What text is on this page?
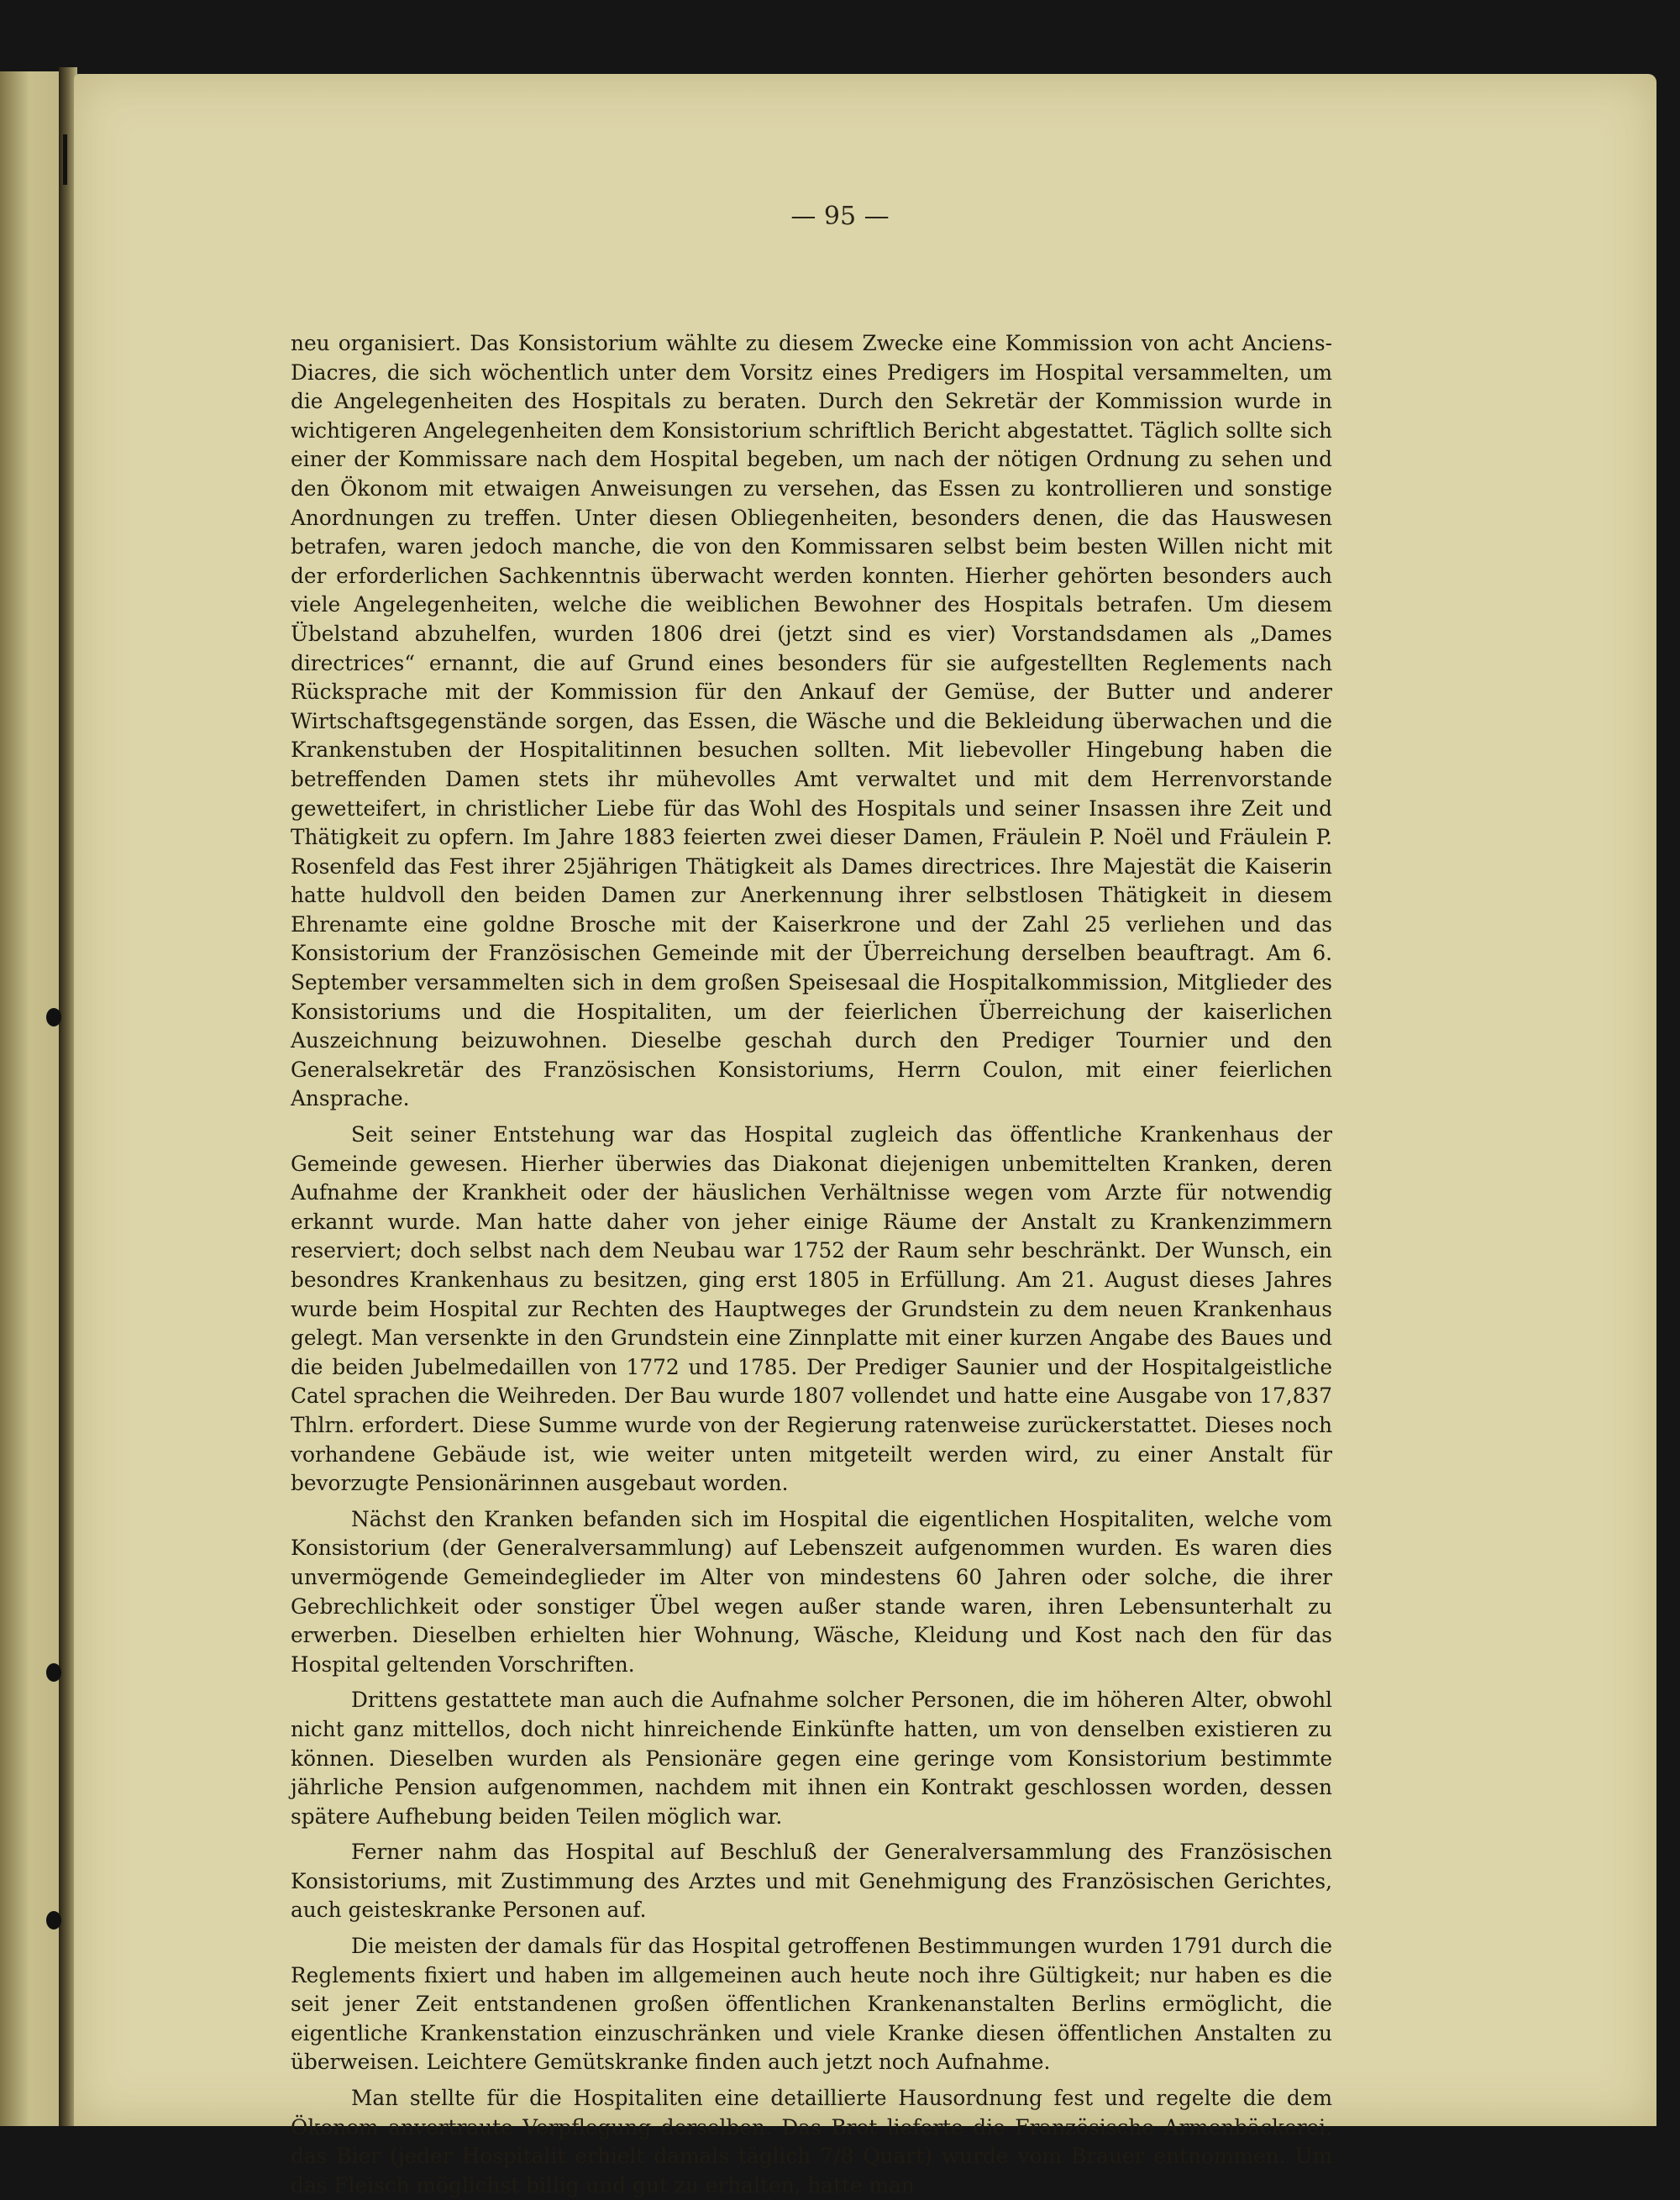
— 95 —

neu organisiert. Das Konsistorium wählte zu diesem Zwecke eine Kommission von acht Anciens-Diacres, die sich wöchentlich unter dem Vorsitz eines Predigers im Hospital versammelten, um die Angelegenheiten des Hospitals zu beraten. Durch den Sekretär der Kommission wurde in wichtigeren Angelegenheiten dem Konsistorium schriftlich Bericht abgestattet. Täglich sollte sich einer der Kommissare nach dem Hospital begeben, um nach der nötigen Ordnung zu sehen und den Ökonom mit etwaigen Anweisungen zu versehen, das Essen zu kontrollieren und sonstige Anordnungen zu treffen. Unter diesen Obliegenheiten, besonders denen, die das Hauswesen betrafen, waren jedoch manche, die von den Kommissaren selbst beim besten Willen nicht mit der erforderlichen Sachkenntnis überwacht werden konnten. Hierher gehörten besonders auch viele Angelegenheiten, welche die weiblichen Bewohner des Hospitals betrafen. Um diesem Übelstand abzuhelfen, wurden 1806 drei (jetzt sind es vier) Vorstandsdamen als „Dames directrices“ ernannt, die auf Grund eines besonders für sie aufgestellten Reglements nach Rücksprache mit der Kommission für den Ankauf der Gemüse, der Butter und anderer Wirtschaftsgegenstände sorgen, das Essen, die Wäsche und die Bekleidung überwachen und die Krankenstuben der Hospitalitinnen besuchen sollten. Mit liebevoller Hingebung haben die betreffenden Damen stets ihr mühevolles Amt verwaltet und mit dem Herrenvorstande gewetteifert, in christlicher Liebe für das Wohl des Hospitals und seiner Insassen ihre Zeit und Thätigkeit zu opfern. Im Jahre 1883 feierten zwei dieser Damen, Fräulein P. Noël und Fräulein P. Rosenfeld das Fest ihrer 25jährigen Thätigkeit als Dames directrices. Ihre Majestät die Kaiserin hatte huldvoll den beiden Damen zur Anerkennung ihrer selbstlosen Thätigkeit in diesem Ehrenamte eine goldne Brosche mit der Kaiserkrone und der Zahl 25 verliehen und das Konsistorium der Französischen Gemeinde mit der Überreichung derselben beauftragt. Am 6. September versammelten sich in dem großen Speisesaal die Hospitalkommission, Mitglieder des Konsistoriums und die Hospitaliten, um der feierlichen Überreichung der kaiserlichen Auszeichnung beizuwohnen. Dieselbe geschah durch den Prediger Tournier und den Generalsekretär des Französischen Konsistoriums, Herrn Coulon, mit einer feierlichen Ansprache.

Seit seiner Entstehung war das Hospital zugleich das öffentliche Krankenhaus der Gemeinde gewesen. Hierher überwies das Diakonat diejenigen unbemittelten Kranken, deren Aufnahme der Krankheit oder der häuslichen Verhältnisse wegen vom Arzte für notwendig erkannt wurde. Man hatte daher von jeher einige Räume der Anstalt zu Krankenzimmern reserviert; doch selbst nach dem Neubau war 1752 der Raum sehr beschränkt. Der Wunsch, ein besondres Krankenhaus zu besitzen, ging erst 1805 in Erfüllung. Am 21. August dieses Jahres wurde beim Hospital zur Rechten des Hauptweges der Grundstein zu dem neuen Krankenhaus gelegt. Man versenkte in den Grundstein eine Zinnplatte mit einer kurzen Angabe des Baues und die beiden Jubelmedaillen von 1772 und 1785. Der Prediger Saunier und der Hospitalgeistliche Catel sprachen die Weihreden. Der Bau wurde 1807 vollendet und hatte eine Ausgabe von 17,837 Thlrn. erfordert. Diese Summe wurde von der Regierung ratenweise zurückerstattet. Dieses noch vorhandene Gebäude ist, wie weiter unten mitgeteilt werden wird, zu einer Anstalt für bevorzugte Pensionärinnen ausgebaut worden.

Nächst den Kranken befanden sich im Hospital die eigentlichen Hospitaliten, welche vom Konsistorium (der Generalversammlung) auf Lebenszeit aufgenommen wurden. Es waren dies unvermögende Gemeindeglieder im Alter von mindestens 60 Jahren oder solche, die ihrer Gebrechlichkeit oder sonstiger Übel wegen außer stande waren, ihren Lebensunterhalt zu erwerben. Dieselben erhielten hier Wohnung, Wäsche, Kleidung und Kost nach den für das Hospital geltenden Vorschriften.

Drittens gestattete man auch die Aufnahme solcher Personen, die im höheren Alter, obwohl nicht ganz mittellos, doch nicht hinreichende Einkünfte hatten, um von denselben existieren zu können. Dieselben wurden als Pensionäre gegen eine geringe vom Konsistorium bestimmte jährliche Pension aufgenommen, nachdem mit ihnen ein Kontrakt geschlossen worden, dessen spätere Aufhebung beiden Teilen möglich war.

Ferner nahm das Hospital auf Beschluß der Generalversammlung des Französischen Konsistoriums, mit Zustimmung des Arztes und mit Genehmigung des Französischen Gerichtes, auch geisteskranke Personen auf.

Die meisten der damals für das Hospital getroffenen Bestimmungen wurden 1791 durch die Reglements fixiert und haben im allgemeinen auch heute noch ihre Gültigkeit; nur haben es die seit jener Zeit entstandenen großen öffentlichen Krankenanstalten Berlins ermöglicht, die eigentliche Krankenstation einzuschränken und viele Kranke diesen öffentlichen Anstalten zu überweisen. Leichtere Gemütskranke finden auch jetzt noch Aufnahme.

Man stellte für die Hospitaliten eine detaillierte Hausordnung fest und regelte die dem Ökonom anvertraute Verpflegung derselben. Das Brot lieferte die Französische Armenbäckerei, das Bier (jeder Hospitalit erhielt damals täglich 7/8 Quart) wurde vom Brauer entnommen. Um das Fleisch möglichst billig und gut zu erhalten, hatte man
